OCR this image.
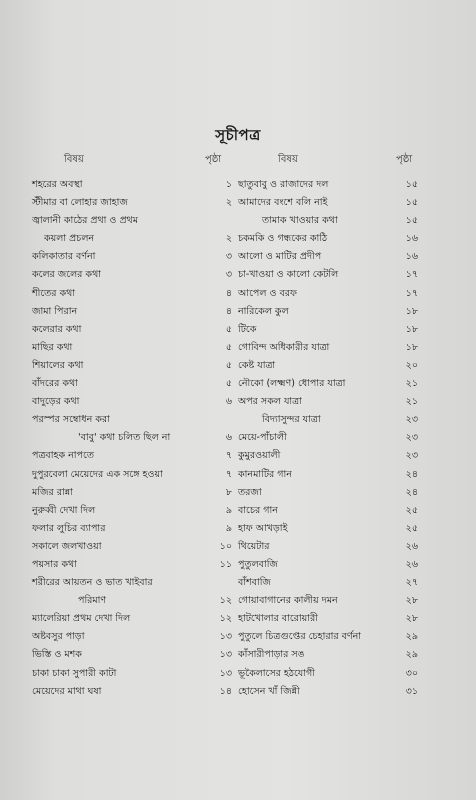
সূচীপত্র
বিষয়	পৃষ্ঠা	বিষয়	পৃষ্ঠা
শহরের অবস্থা	১
স্টীমার বা লোহার জাহাজ	২
জ্বালানী কাঠের প্রথা ও প্রথম
কয়লা প্রচলন	২
কলিকাতার বর্ণনা	৩
কলের জলের কথা	৩
শীতের কথা	৪
জামা পিরান	৪
কলেরার কথা	৫
মাছির কথা	৫
শিয়ালের কথা	৫
বাঁদরের কথা	৫
বাদুড়ের কথা	৬
পরস্পর সম্বোধন করা
'বাবু' কথা চলিত ছিল না	৬
পত্রবাহক নাপতে	৭
দুপুরবেলা মেয়েদের এক সঙ্গে হওয়া	৭
মজির রান্না	৮
নুরুব্বী দেখা দিল	৯
ফলার লুচির ব্যাপার	৯
সকালে জলখাওয়া	১০
পয়সার কথা	১১
শরীরের আয়তন ও ভাত খাইবার
পরিমাণ	১২
ম্যালেরিয়া প্রথম দেখা দিল	১২
অষ্টবসুর পাড়া	১৩
ভিস্তি ও মশক	১৩
চাকা চাকা সুপারী কাটা	১৩
মেয়েদের মাথা ঘষা	১৪
ছাতুবাবু ও রাজাদের দল	১৫
আমাদের বংশে বলি নাই	১৫
তামাক খাওয়ার কথা	১৫
চকমকি ও গন্ধকের কাঠি	১৬
আলো ও মাটির প্রদীপ	১৬
চা-খাওয়া ও কালো কেটলি	১৭
আপেল ও বরফ	১৭
নারিকেল কুল	১৮
টিকে	১৮
গোবিন্দ অধিকারীর যাত্রা	১৮
কেষ্ট যাত্রা	২০
নৌকো (লক্ষ্মণ) ধোপার যাত্রা	২১
অপর সকল যাত্রা	২১
বিদ্যাসুন্দর যাত্রা	২৩
মেয়ে-পাঁচালী	২৩
কুমুরওয়ালী	২৩
কানমাটির গান	২৪
তরজা	২৪
বাচের গান	২৫
হাফ আখড়াই	২৫
থিয়েটার	২৬
পুতুলবাজি	২৬
বাঁশবাজি	২৭
গোয়াবাগানের কালীয় দমন	২৮
হাটখোলার বারোয়ারী	২৮
পুতুলে চিত্রগুপ্তের চেহারার বর্ণনা	২৯
কাঁসারীপাড়ার সঙ	২৯
ভূকৈলাসের হঠযোগী	৩০
হোসেন খাঁ জিন্নী	৩১
